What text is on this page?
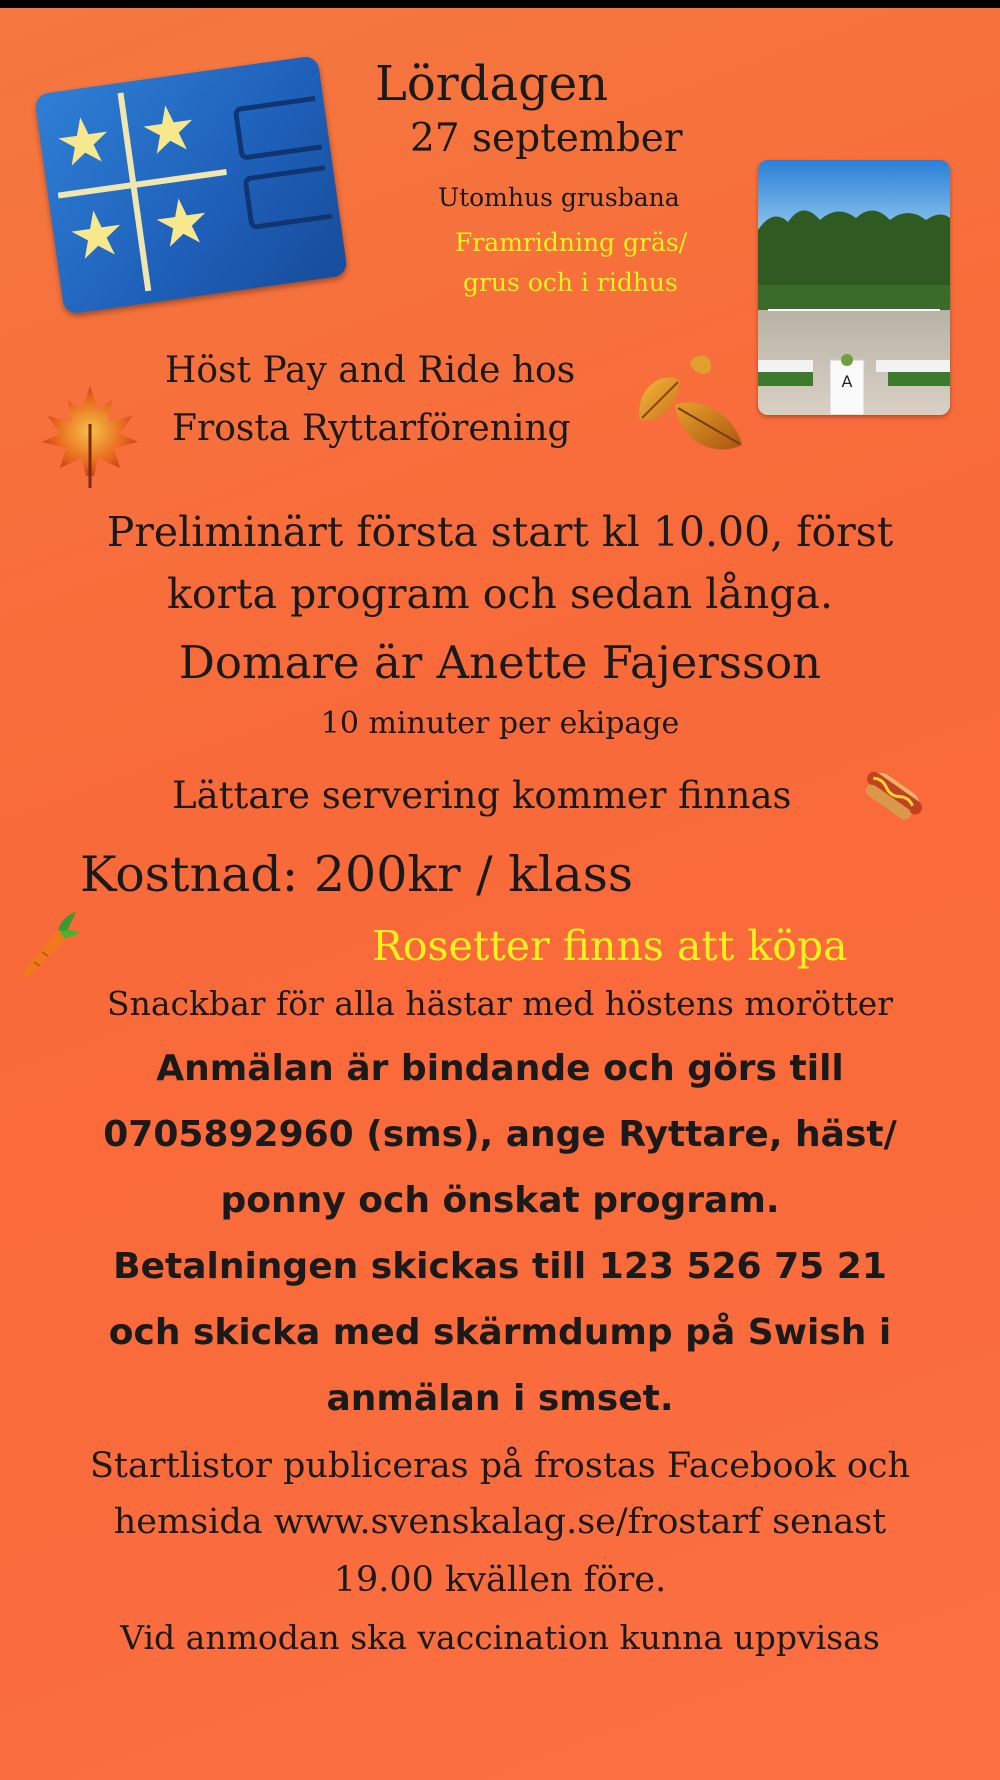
★ ★
★ ★
Lördagen
27 september
Utomhus grusbana
Framridning gräs/
grus och i ridhus
A
Höst Pay and Ride hos
Frosta Ryttarförening
Preliminärt första start kl 10.00, först
korta program och sedan långa.
Domare är Anette Fajersson
10 minuter per ekipage
Lättare servering kommer finnas
Kostnad: 200kr / klass
Rosetter finns att köpa
Snackbar för alla hästar med höstens morötter
Anmälan är bindande och görs till
0705892960 (sms), ange Ryttare, häst/
ponny och önskat program.
Betalningen skickas till 123 526 75 21
och skicka med skärmdump på Swish i
anmälan i smset.
Startlistor publiceras på frostas Facebook och
hemsida www.svenskalag.se/frostarf senast
19.00 kvällen före.
Vid anmodan ska vaccination kunna uppvisas
